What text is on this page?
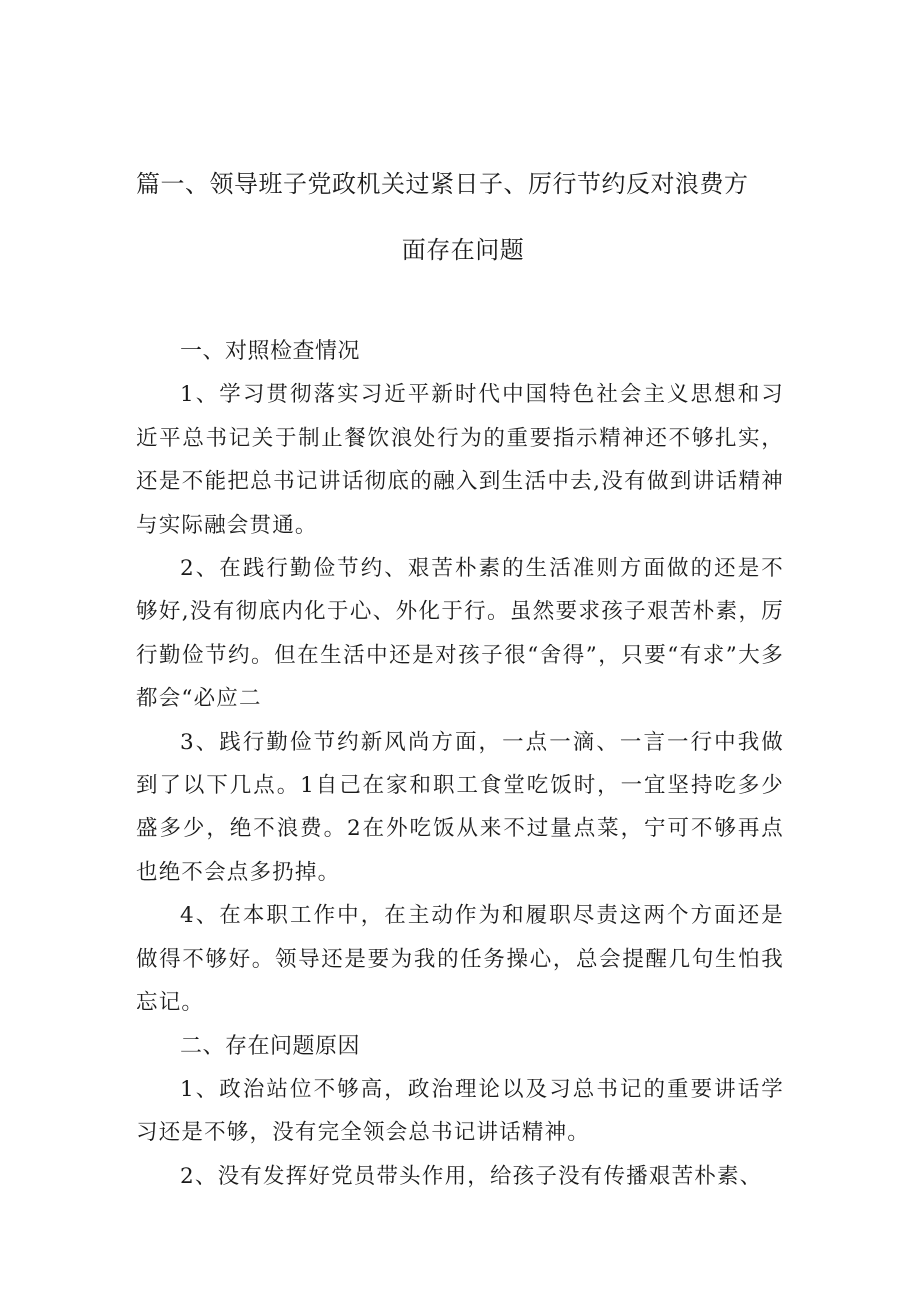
篇一、领导班子党政机关过紧日子、厉行节约反对浪费方
面存在问题

一、对照检查情况

1、学习贯彻落实习近平新时代中国特色社会主义思想和习近平总书记关于制止餐饮浪处行为的重要指示精神还不够扎实，还是不能把总书记讲话彻底的融入到生活中去,没有做到讲话精神与实际融会贯通。

2、在践行勤俭节约、艰苦朴素的生活准则方面做的还是不够好,没有彻底内化于心、外化于行。虽然要求孩子艰苦朴素，厉行勤俭节约。但在生活中还是对孩子很“舍得”，只要“有求”大多都会“必应二

3、践行勤俭节约新风尚方面，一点一滴、一言一行中我做到了以下几点。1自己在家和职工食堂吃饭时，一宜坚持吃多少盛多少，绝不浪费。2在外吃饭从来不过量点菜，宁可不够再点也绝不会点多扔掉。

4、在本职工作中，在主动作为和履职尽责这两个方面还是做得不够好。领导还是要为我的任务操心，总会提醒几句生怕我忘记。

二、存在问题原因

1、政治站位不够高，政治理论以及习总书记的重要讲话学习还是不够，没有完全领会总书记讲话精神。

2、没有发挥好党员带头作用，给孩子没有传播艰苦朴素、
